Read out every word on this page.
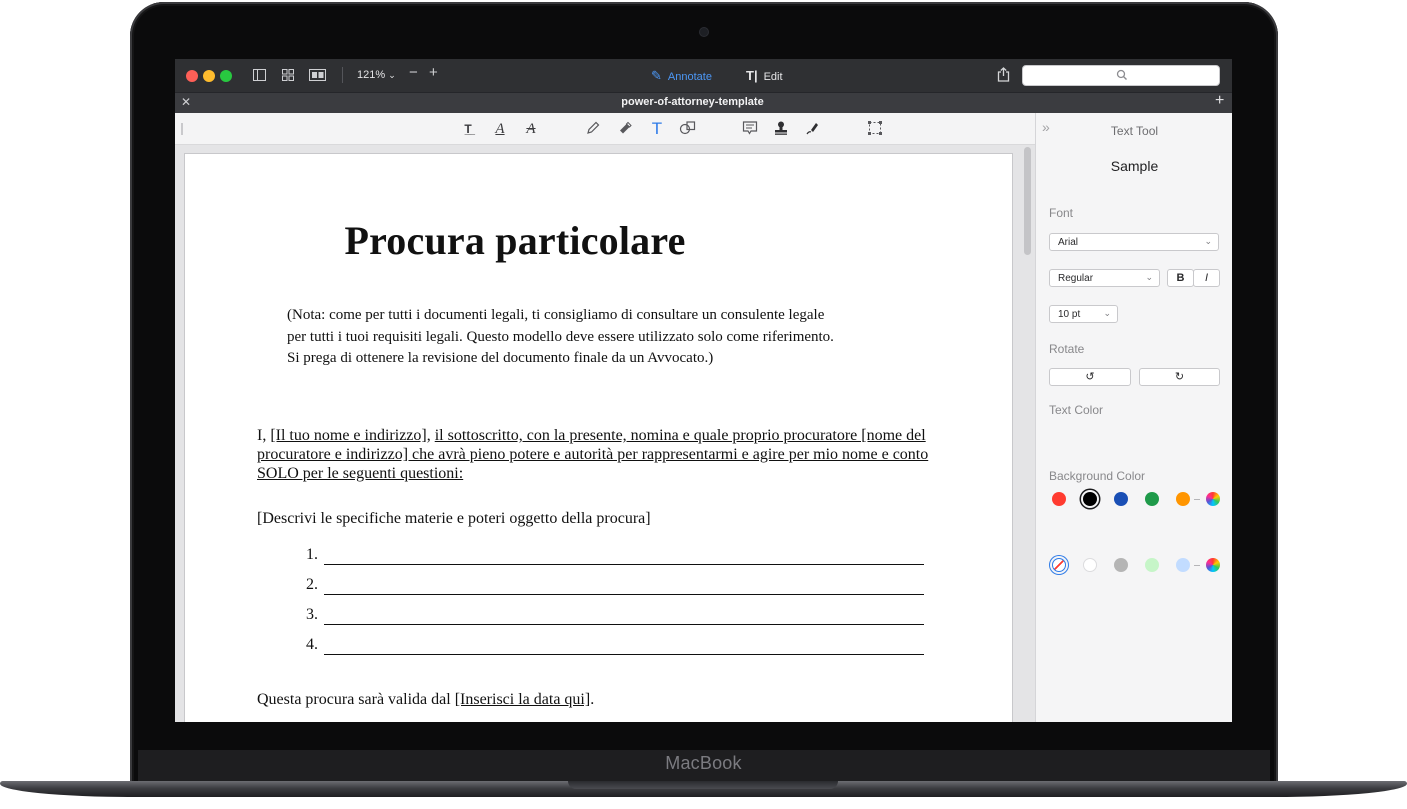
MacBook
121% ⌄ − +	✎ Annotate	T| Edit
✕	power-of-attorney-template	+
T̲̲	A A	T
Procura particolare
(Nota: come per tutti i documenti legali, ti consigliamo di consultare un consulente legale per tutti i tuoi requisiti legali. Questo modello deve essere utilizzato solo come riferimento. Si prega di ottenere la revisione del documento finale da un Avvocato.)
I, [Il tuo nome e indirizzo], il sottoscritto, con la presente, nomina e quale proprio procuratore [nome del procuratore e indirizzo] che avrà pieno potere e autorità per rappresentarmi e agire per mio nome e conto SOLO per le seguenti questioni:
[Descrivi le specifiche materie e poteri oggetto della procura]
1.
2.
3.
4.
Questa procura sarà valida dal [Inserisci la data qui].
»	Text Tool
Sample
Font
Arial	⌄
Regular	⌄	B	I
10 pt	⌄
Rotate
↺	↻
Text Color
Background Color
